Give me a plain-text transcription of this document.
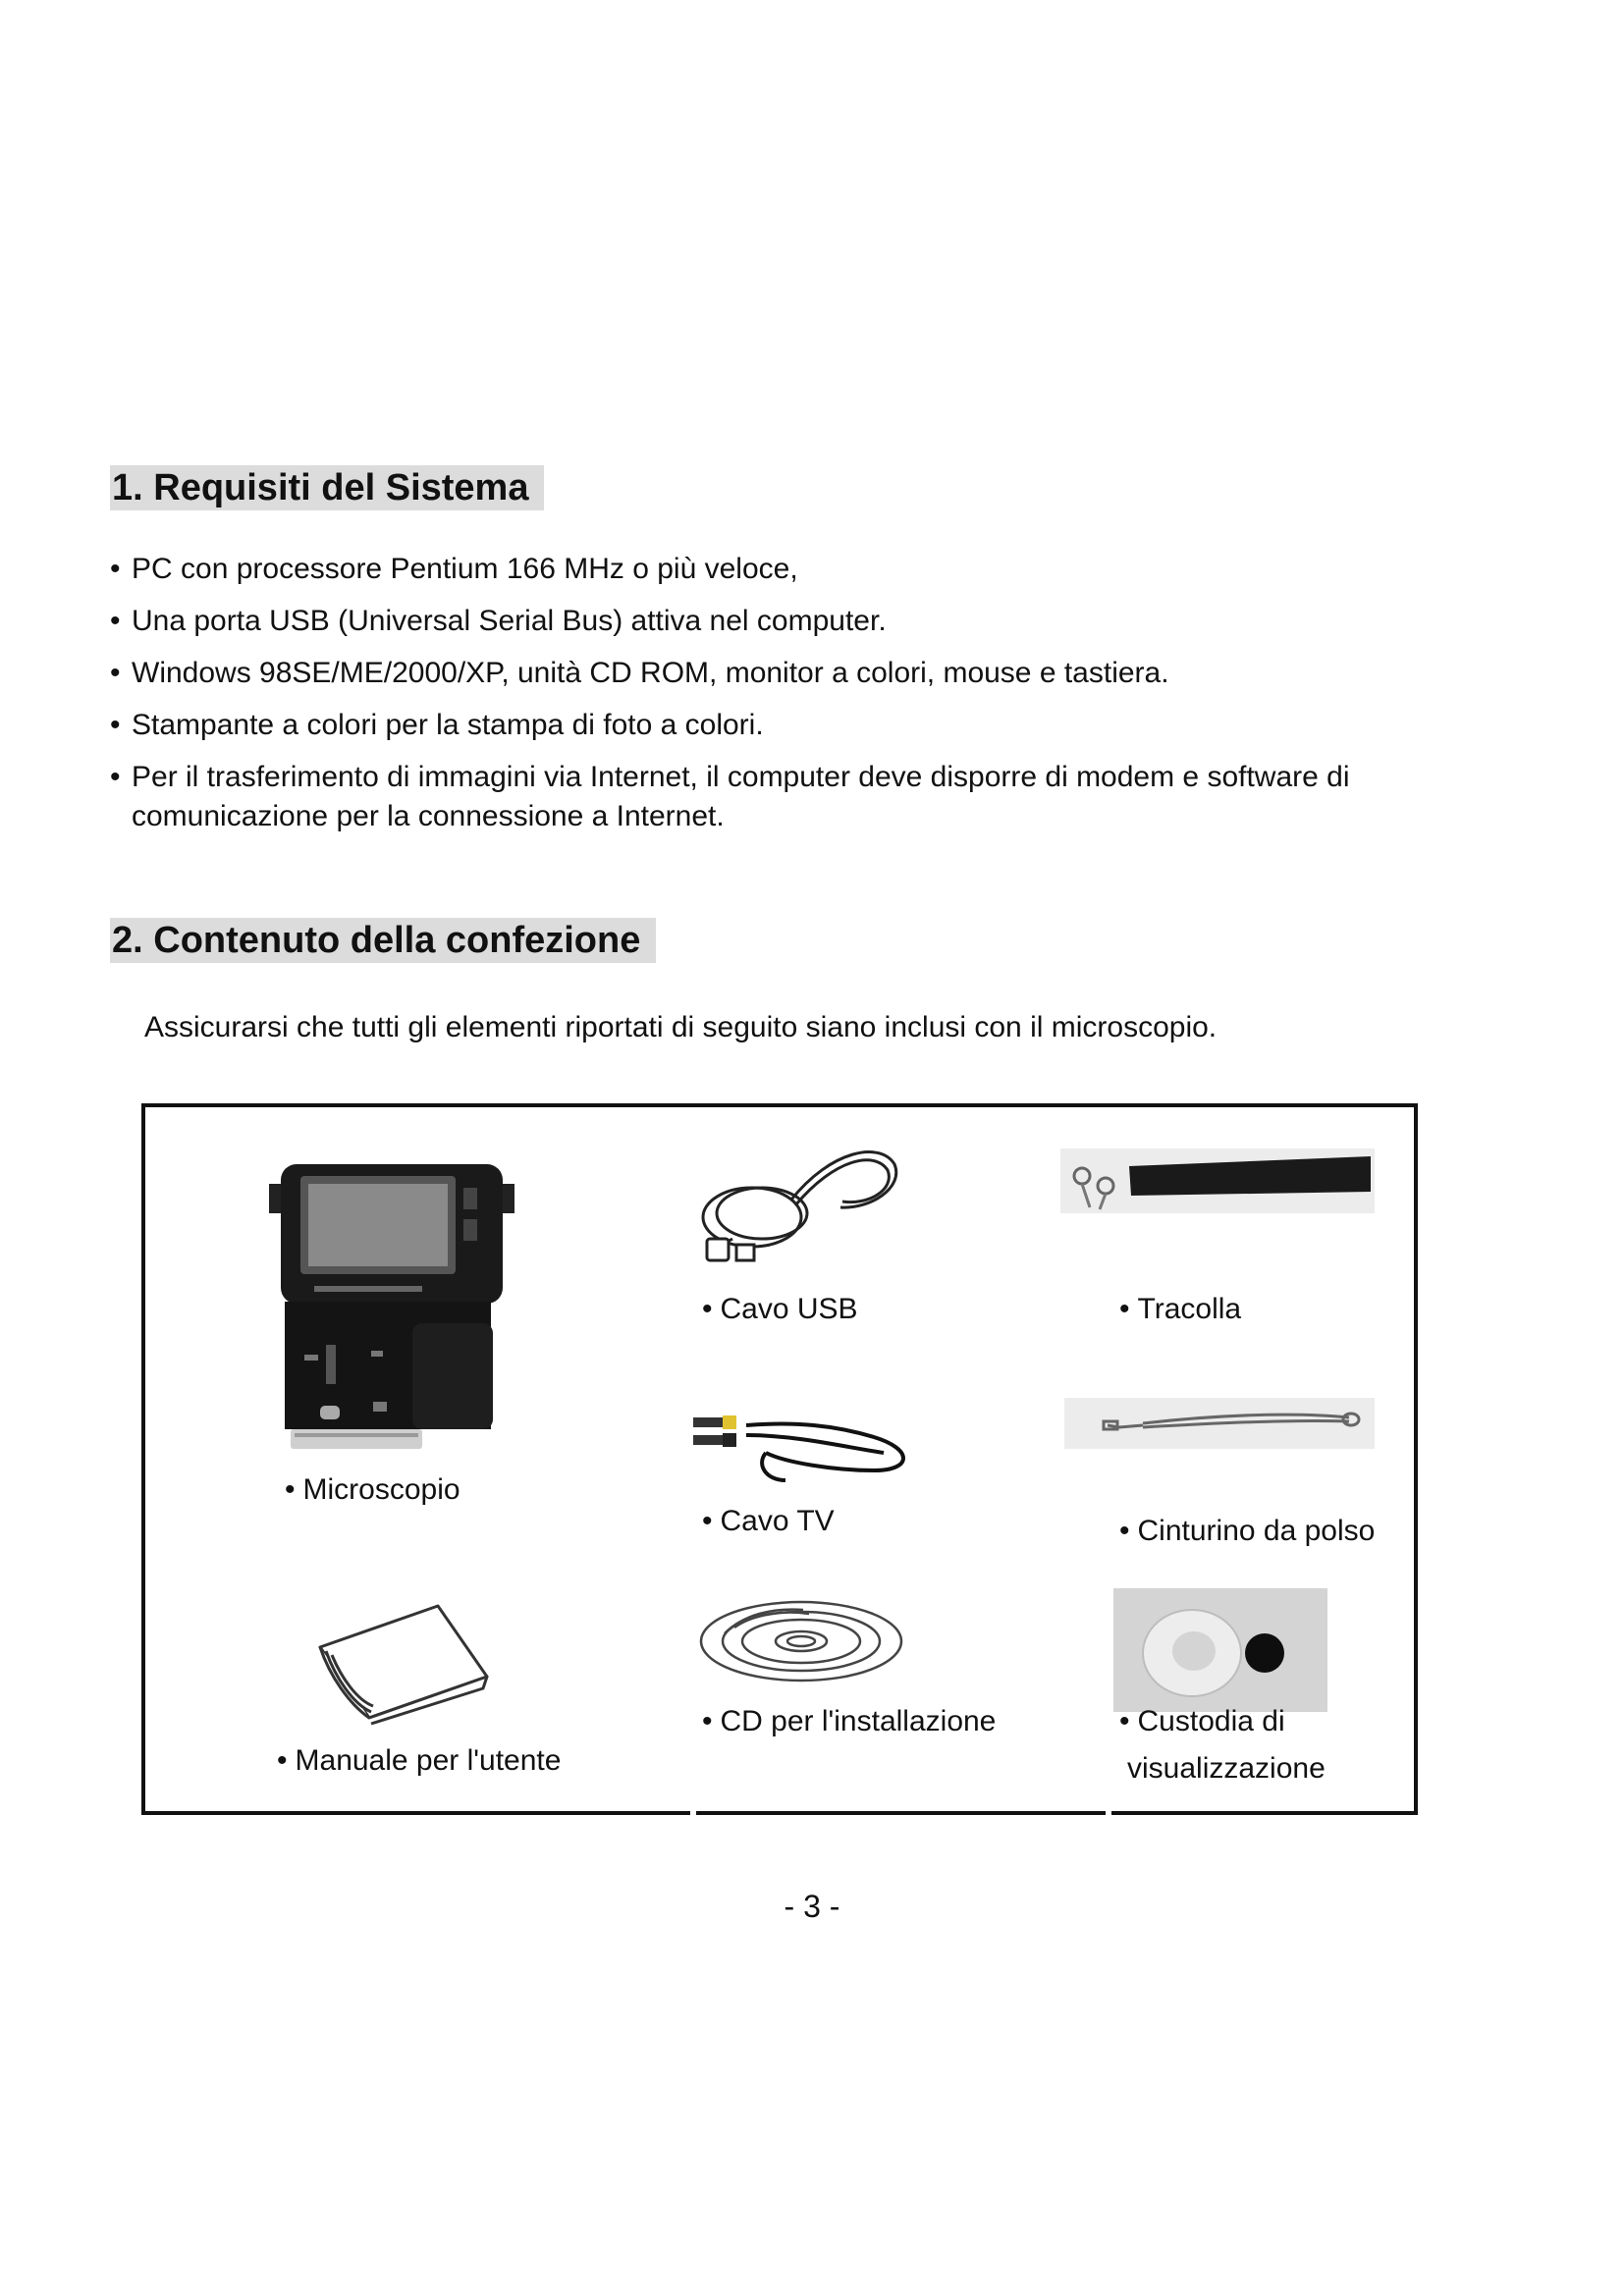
1. Requisiti del Sistema
• PC con processore Pentium 166 MHz o più veloce,
• Una porta USB (Universal Serial Bus) attiva nel computer.
• Windows 98SE/ME/2000/XP, unità CD ROM, monitor a colori, mouse e tastiera.
• Stampante a colori per la stampa di foto a colori.
• Per il trasferimento di immagini via Internet, il computer deve disporre di modem e software di comunicazione per la connessione a Internet.
2. Contenuto della confezione
Assicurarsi che tutti gli elementi riportati di seguito siano inclusi con il microscopio.
• Microscopio
• Cavo USB	• Tracolla
• Cavo TV	• Cinturino da polso
• Manuale per l'utente
• CD per l'installazione	• Custodia di
visualizzazione
- 3 -
